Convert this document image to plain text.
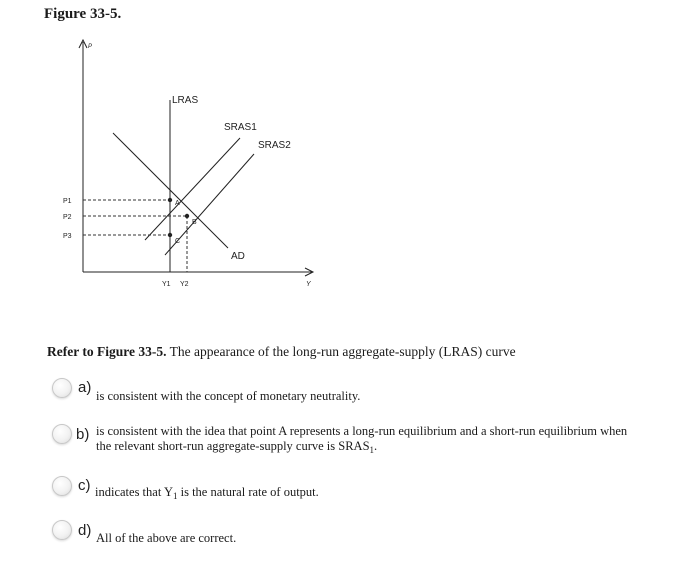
Figure 33-5.
P
Y
LRAS
SRAS1
SRAS2
AD
A
B
C
P1
P2
P3
Y1 Y2
Refer to Figure 33-5. The appearance of the long-run aggregate-supply (LRAS) curve
a) is consistent with the concept of monetary neutrality.
b) is consistent with the idea that point A represents a long-run equilibrium and a short-run equilibrium when
the relevant short-run aggregate-supply curve is $SRAS_1$.
c) indicates that $Y_1$ is the natural rate of output.
d) All of the above are correct.
